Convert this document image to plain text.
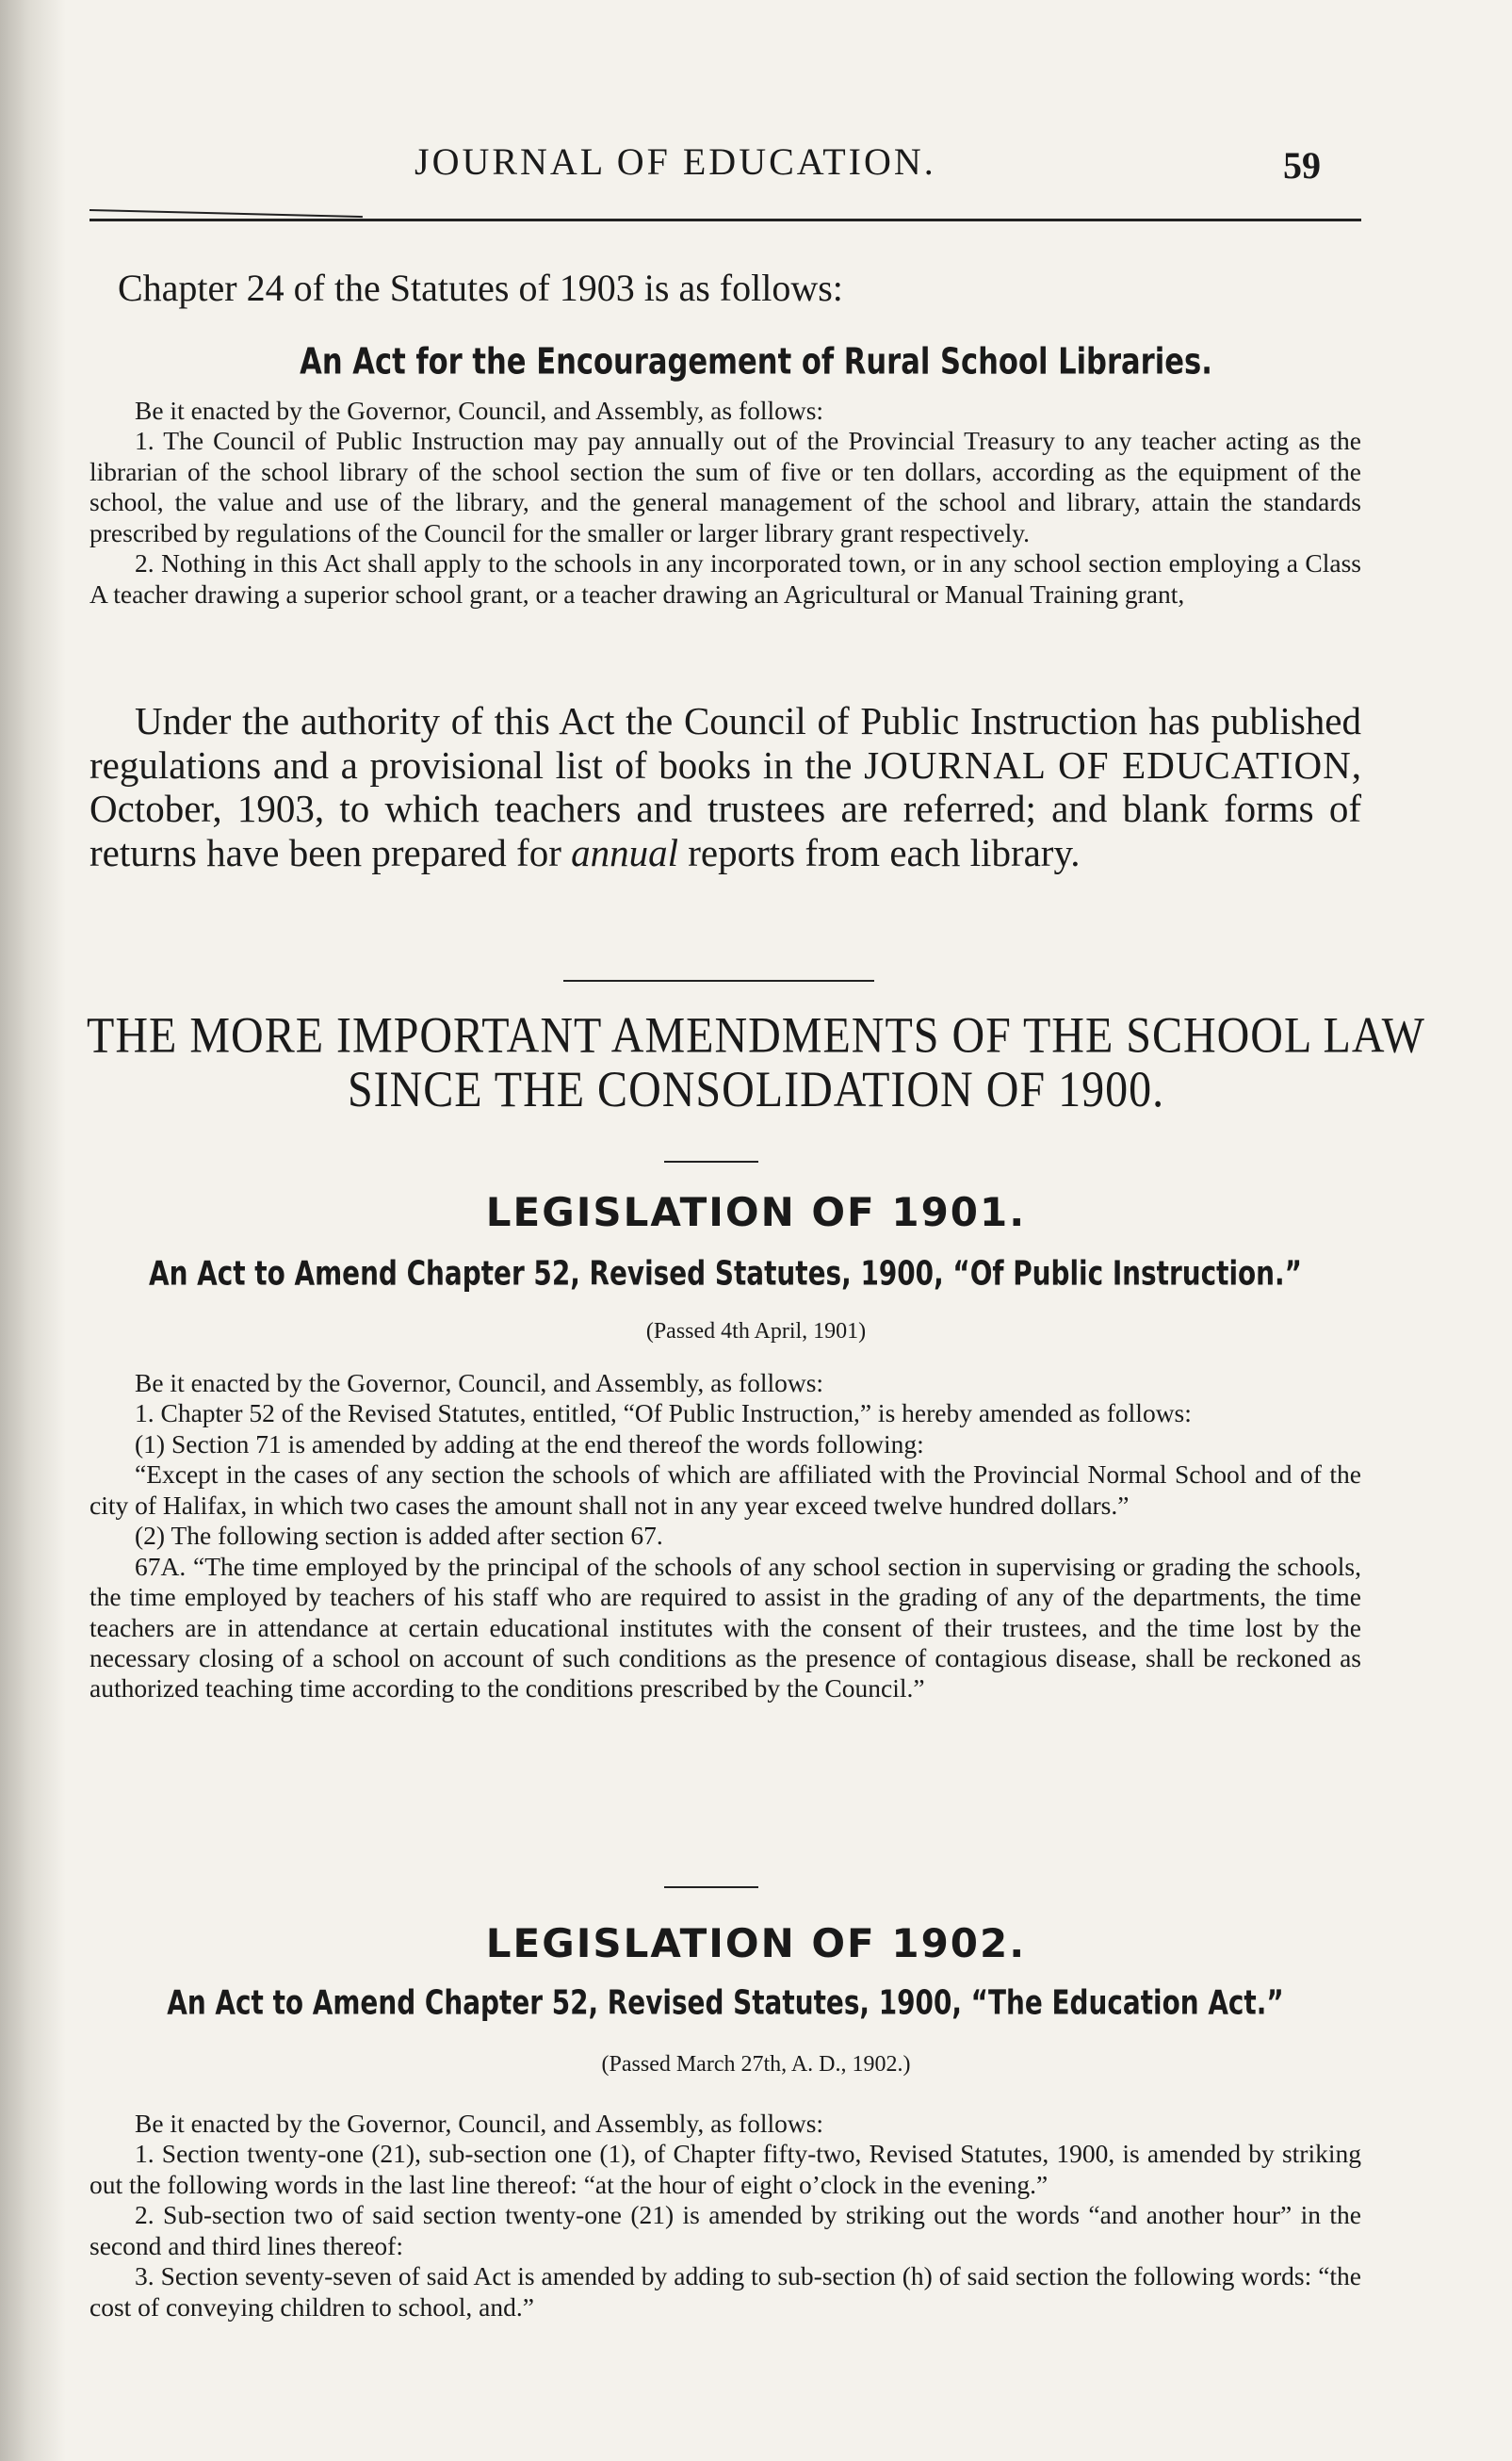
JOURNAL OF EDUCATION.	59
Chapter 24 of the Statutes of 1903 is as follows:
An Act for the Encouragement of Rural School Libraries.

Be it enacted by the Governor, Council, and Assembly, as follows:

1. The Council of Public Instruction may pay annually out of the Provincial Treasury to any teacher acting as the librarian of the school library of the school section the sum of five or ten dollars, according as the equipment of the school, the value and use of the library, and the general management of the school and library, attain the standards prescribed by regulations of the Council for the smaller or larger library grant respectively.

2. Nothing in this Act shall apply to the schools in any incorporated town, or in any school section employing a Class A teacher drawing a superior school grant, or a teacher drawing an Agricultural or Manual Training grant,

Under the authority of this Act the Council of Public Instruction has published regulations and a provisional list of books in the JOURNAL OF EDUCATION, October, 1903, to which teachers and trustees are referred; and blank forms of returns have been prepared for annual reports from each library.

THE MORE IMPORTANT AMENDMENTS OF THE SCHOOL LAW
SINCE THE CONSOLIDATION OF 1900.
LEGISLATION OF 1901.
An Act to Amend Chapter 52, Revised Statutes, 1900, “Of Public Instruction.”
(Passed 4th April, 1901)

Be it enacted by the Governor, Council, and Assembly, as follows:

1. Chapter 52 of the Revised Statutes, entitled, “Of Public Instruction,” is hereby amended as follows:

(1) Section 71 is amended by adding at the end thereof the words following:

“Except in the cases of any section the schools of which are affiliated with the Provincial Normal School and of the city of Halifax, in which two cases the amount shall not in any year exceed twelve hundred dollars.”

(2) The following section is added after section 67.

67A. “The time employed by the principal of the schools of any school section in supervising or grading the schools, the time employed by teachers of his staff who are required to assist in the grading of any of the departments, the time teachers are in attendance at certain educational institutes with the consent of their trustees, and the time lost by the necessary closing of a school on account of such conditions as the presence of contagious disease, shall be reckoned as authorized teaching time according to the conditions prescribed by the Council.”

LEGISLATION OF 1902.
An Act to Amend Chapter 52, Revised Statutes, 1900, “The Education Act.”
(Passed March 27th, A. D., 1902.)

Be it enacted by the Governor, Council, and Assembly, as follows:

1. Section twenty-one (21), sub-section one (1), of Chapter fifty-two, Revised Statutes, 1900, is amended by striking out the following words in the last line thereof: “at the hour of eight o’clock in the evening.”

2. Sub-section two of said section twenty-one (21) is amended by striking out the words “and another hour” in the second and third lines thereof:

3. Section seventy-seven of said Act is amended by adding to sub-section (h) of said section the following words: “the cost of conveying children to school, and.”
